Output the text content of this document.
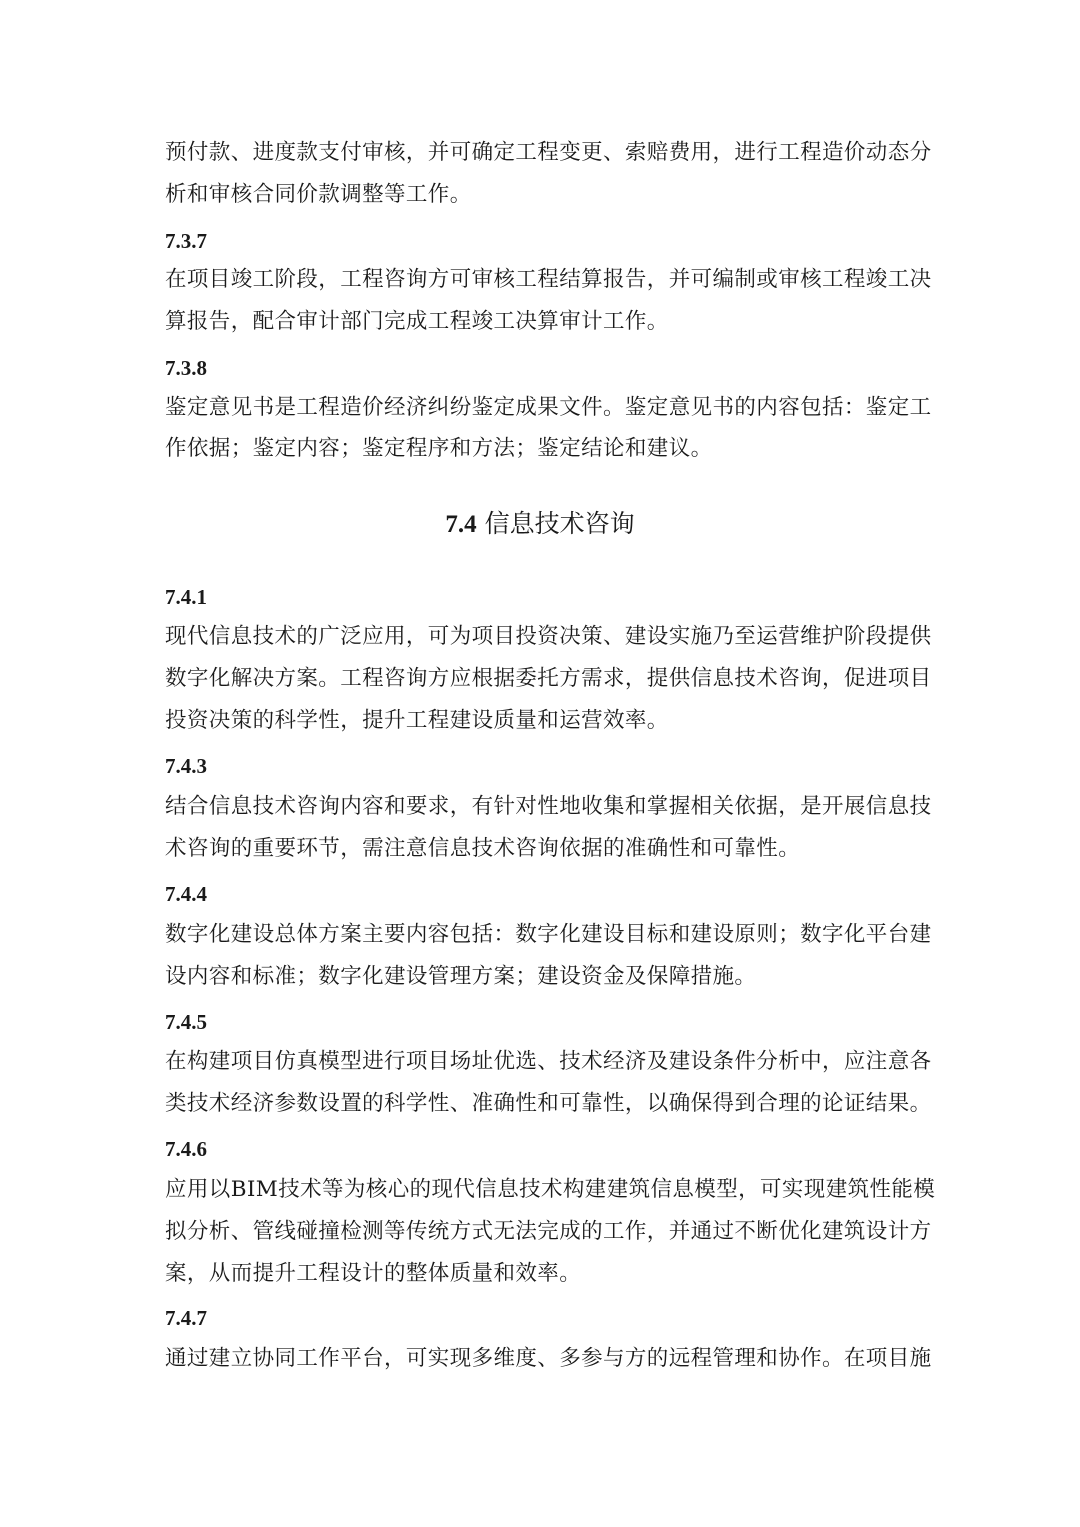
预付款、进度款支付审核，并可确定工程变更、索赔费用，进行工程造价动态分
析和审核合同价款调整等工作。
7.3.7
在项目竣工阶段，工程咨询方可审核工程结算报告，并可编制或审核工程竣工决
算报告，配合审计部门完成工程竣工决算审计工作。
7.3.8
鉴定意见书是工程造价经济纠纷鉴定成果文件。鉴定意见书的内容包括：鉴定工
作依据；鉴定内容；鉴定程序和方法；鉴定结论和建议。
7.4 信息技术咨询
7.4.1
现代信息技术的广泛应用，可为项目投资决策、建设实施乃至运营维护阶段提供
数字化解决方案。工程咨询方应根据委托方需求，提供信息技术咨询，促进项目
投资决策的科学性，提升工程建设质量和运营效率。
7.4.3
结合信息技术咨询内容和要求，有针对性地收集和掌握相关依据，是开展信息技
术咨询的重要环节，需注意信息技术咨询依据的准确性和可靠性。
7.4.4
数字化建设总体方案主要内容包括：数字化建设目标和建设原则；数字化平台建
设内容和标准；数字化建设管理方案；建设资金及保障措施。
7.4.5
在构建项目仿真模型进行项目场址优选、技术经济及建设条件分析中，应注意各
类技术经济参数设置的科学性、准确性和可靠性，以确保得到合理的论证结果。
7.4.6
应用以BIM技术等为核心的现代信息技术构建建筑信息模型，可实现建筑性能模
拟分析、管线碰撞检测等传统方式无法完成的工作，并通过不断优化建筑设计方
案，从而提升工程设计的整体质量和效率。
7.4.7
通过建立协同工作平台，可实现多维度、多参与方的远程管理和协作。在项目施
